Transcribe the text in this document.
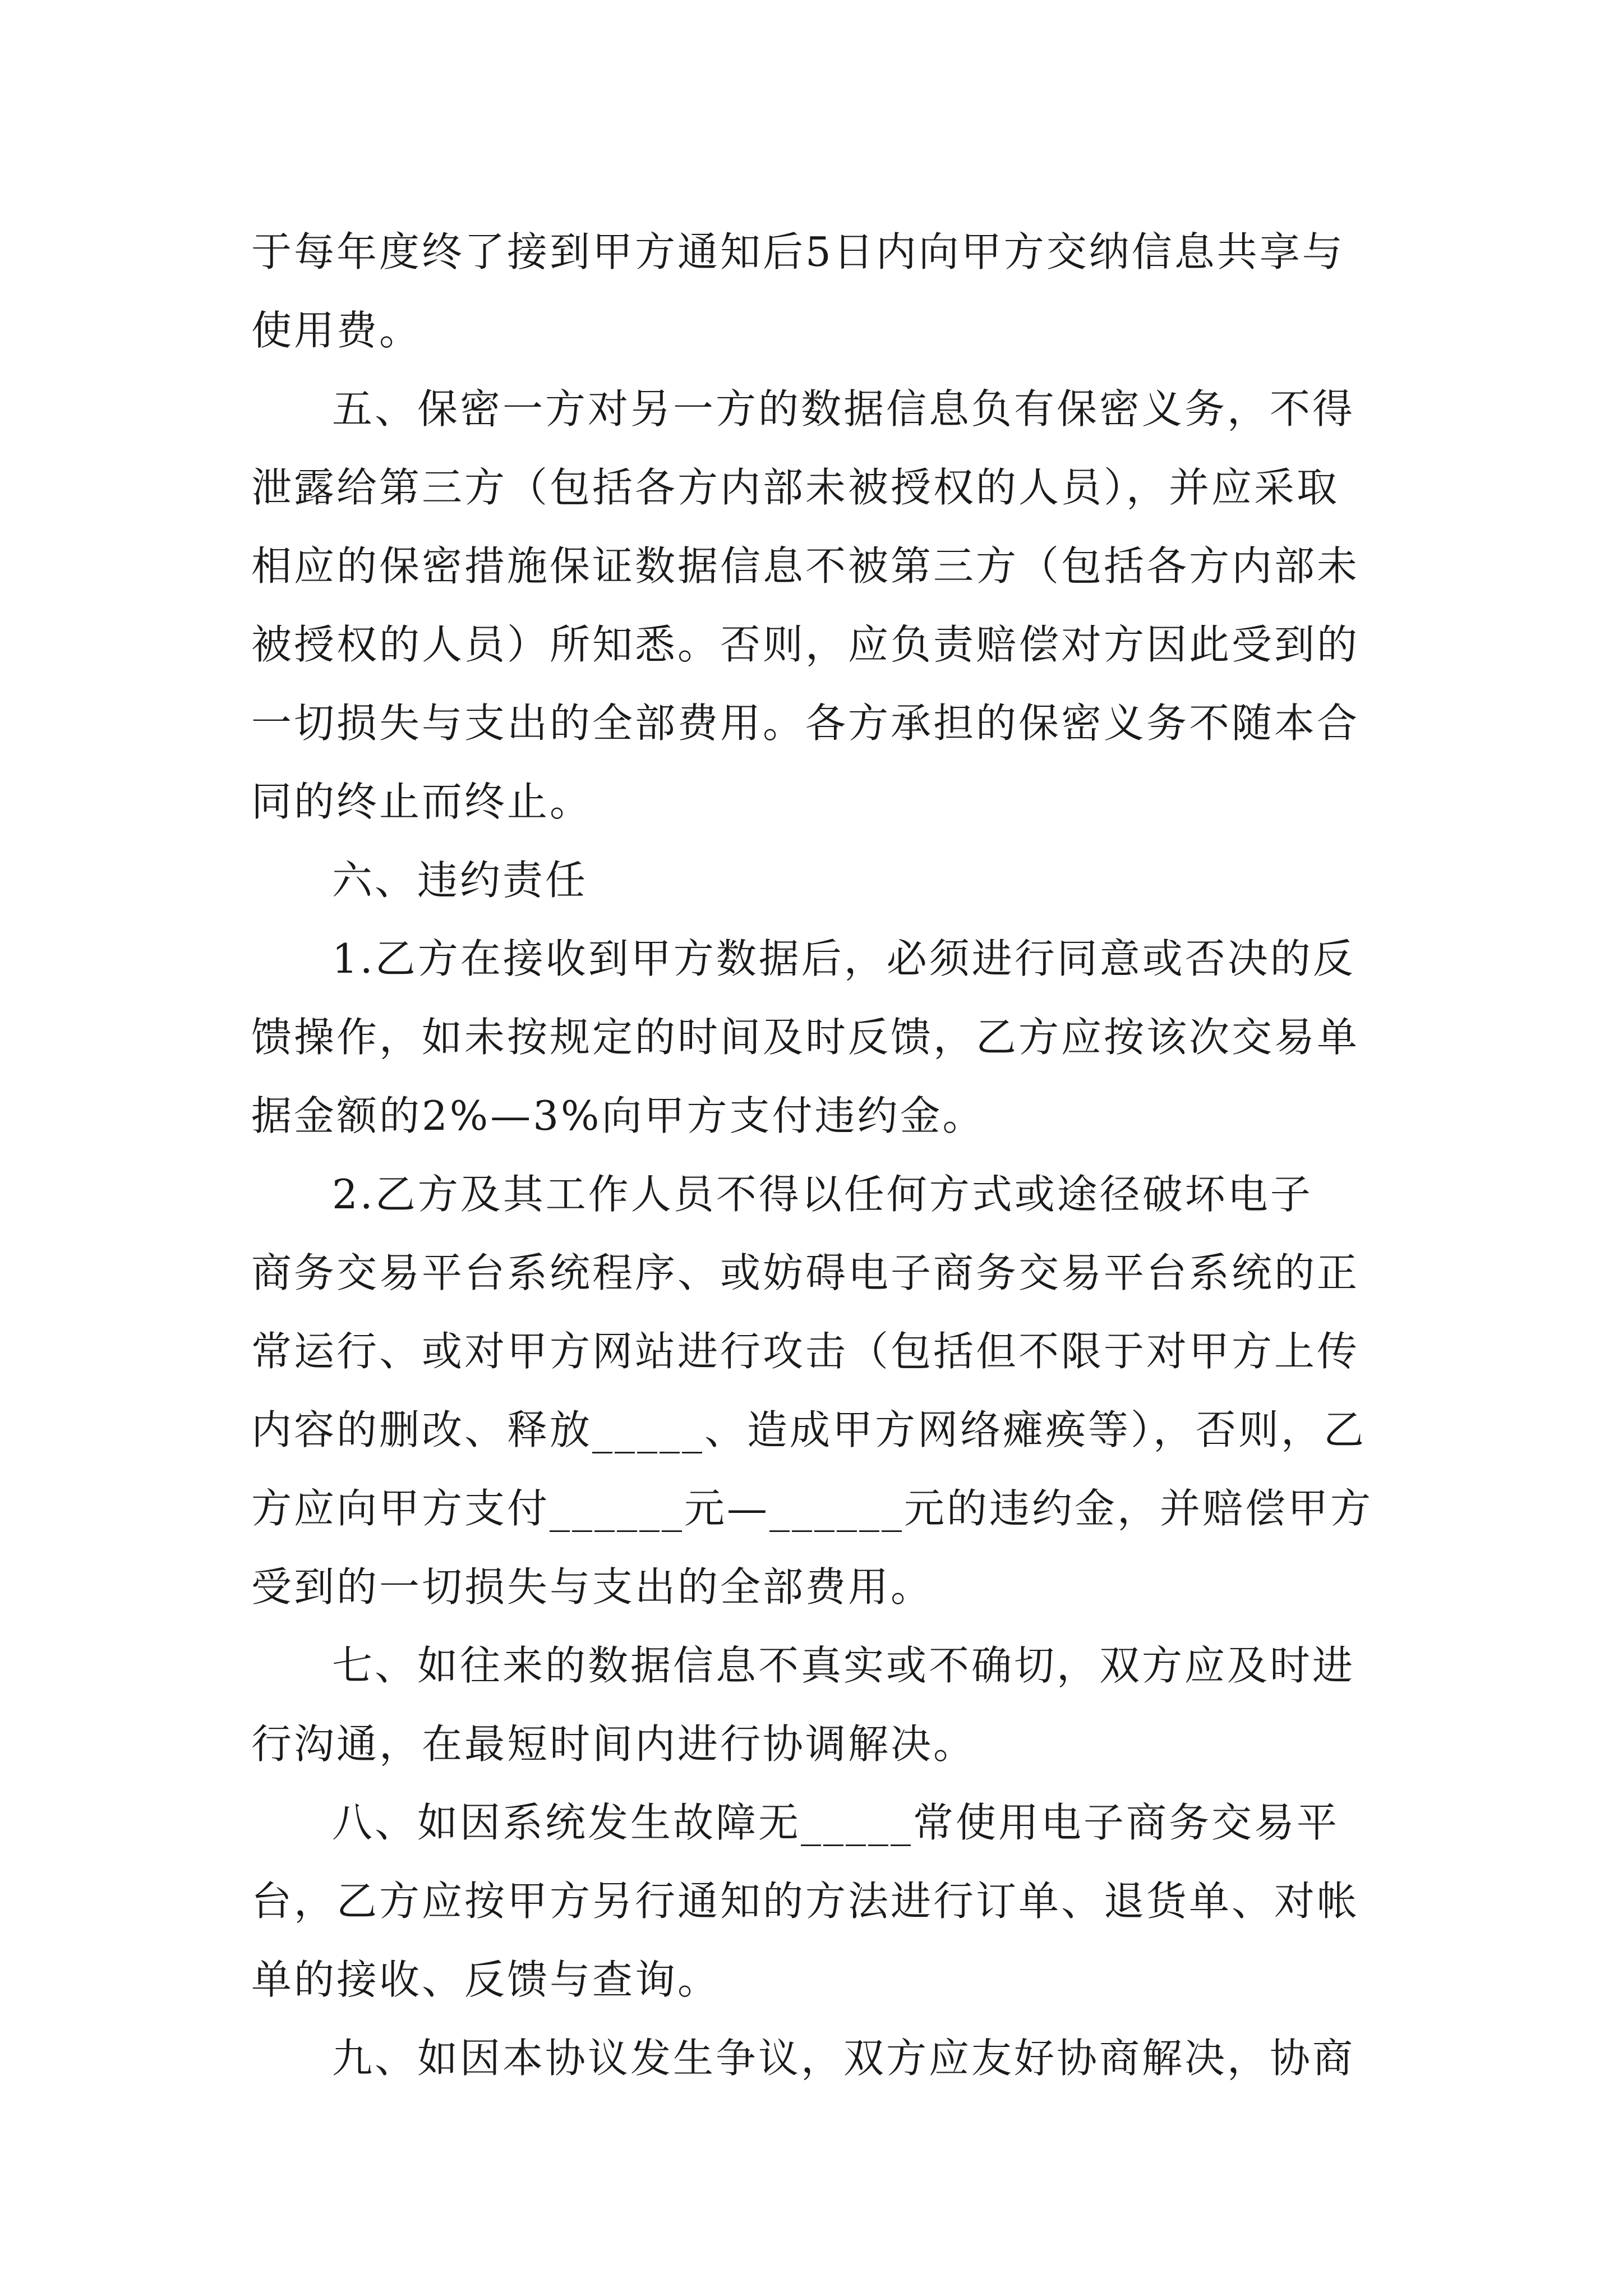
于每年度终了接到甲方通知后5日内向甲方交纳信息共享与
使用费。
五、保密一方对另一方的数据信息负有保密义务，不得
泄露给第三方（包括各方内部未被授权的人员），并应采取
相应的保密措施保证数据信息不被第三方（包括各方内部未
被授权的人员）所知悉。否则，应负责赔偿对方因此受到的
一切损失与支出的全部费用。各方承担的保密义务不随本合
同的终止而终止。
六、违约责任
1.乙方在接收到甲方数据后，必须进行同意或否决的反
馈操作，如未按规定的时间及时反馈，乙方应按该次交易单
据金额的2%—3%向甲方支付违约金。
2.乙方及其工作人员不得以任何方式或途径破坏电子
商务交易平台系统程序、或妨碍电子商务交易平台系统的正
常运行、或对甲方网站进行攻击（包括但不限于对甲方上传
内容的删改、释放_____、造成甲方网络瘫痪等），否则，乙
方应向甲方支付______元—______元的违约金，并赔偿甲方
受到的一切损失与支出的全部费用。
七、如往来的数据信息不真实或不确切，双方应及时进
行沟通，在最短时间内进行协调解决。
八、如因系统发生故障无_____常使用电子商务交易平
台，乙方应按甲方另行通知的方法进行订单、退货单、对帐
单的接收、反馈与查询。
九、如因本协议发生争议，双方应友好协商解决，协商
